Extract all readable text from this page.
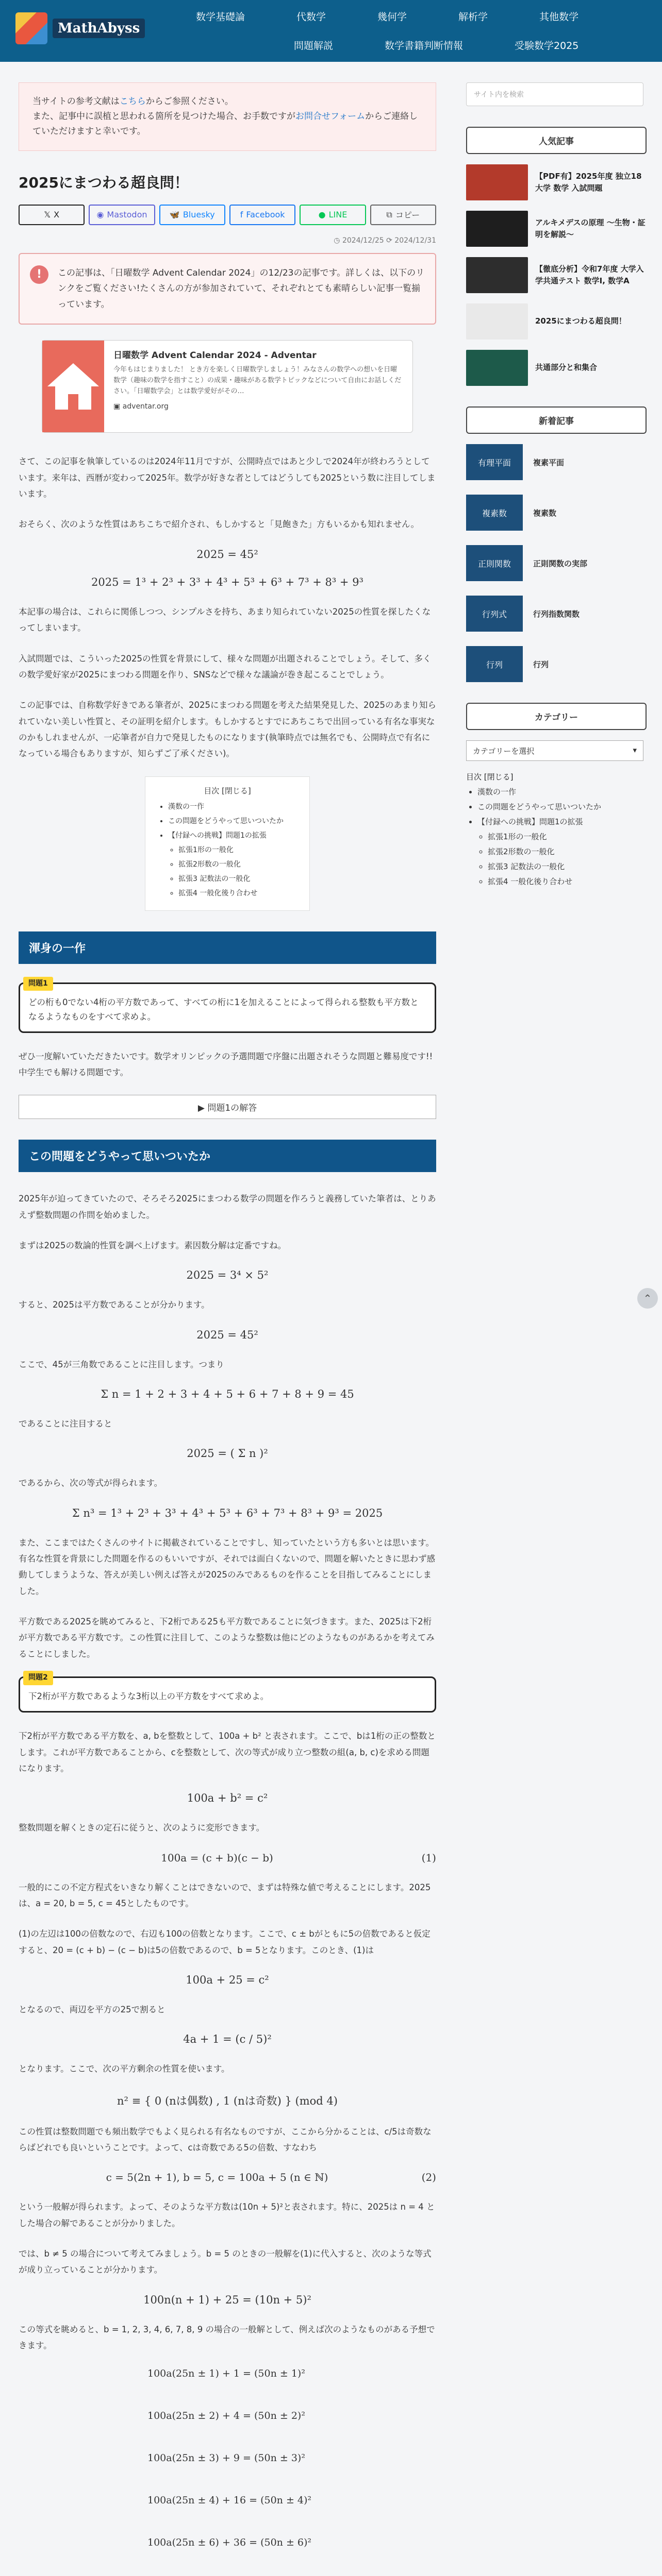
MathAbyss
数学基礎論	代数学	幾何学	解析学	其他数学
問題解説	数学書籍判断情報	受験数学2025
当サイトの参考文献はこちらからご参照ください。
また、記事中に誤植と思われる箇所を見つけた場合、お手数ですがお問合せフォームからご連絡していただけますと幸いです。
2025にまつわる超良問！
𝕏 X	◉ Mastodon	🦋 Bluesky	f Facebook	● LINE	⧉ コピー
◷ 2024/12/25 ⟳ 2024/12/31
!	この記事は、「日曜数学 Advent Calendar 2024」の12/23の記事です。詳しくは、以下のリンクをご覧ください!たくさんの方が参加されていて、それぞれとても素晴らしい記事一覧揃っています。

日曜数学 Advent Calendar 2024 - Adventar
今年もはじまりました！ とき方を楽しく日曜数学しましょう！みなさんの数学への想いを日曜数学（趣味の数学を指すこと）の成果・趣味がある数学トピックなどについて自由にお話しください。「日曜数学会」とは数学愛好がその…
▣ adventar.org

さて、この記事を執筆しているのは2024年11月ですが、公開時点ではあと少しで2024年が終わろうとしています。来年は、西暦が変わって2025年。数学が好きな者としてはどうしても2025という数に注目してしまいます。

おそらく、次のような性質はあちこちで紹介され、もしかすると「見飽きた」方もいるかも知れません。

2025 = 45²
2025 = 1³ + 2³ + 3³ + 4³ + 5³ + 6³ + 7³ + 8³ + 9³

本記事の場合は、これらに関係しつつ、シンプルさを持ち、あまり知られていない2025の性質を探したくなってしまいます。

入試問題では、こういった2025の性質を背景にして、様々な問題が出題されることでしょう。そして、多くの数学愛好家が2025にまつわる問題を作り、SNSなどで様々な議論が巻き起こることでしょう。

この記事では、自称数学好きである筆者が、2025にまつわる問題を考えた結果発見した、2025のあまり知られていない美しい性質と、その証明を紹介します。もしかするとすでにあちこちで出回っている有名な事実なのかもしれませんが、一応筆者が自力で発見したものになります(執筆時点では無名でも、公開時点で有名になっている場合もありますが、知らずご了承ください)。

目次 [閉じる]
• 漢数の一作
• この問題をどうやって思いついたか
• 【付録への挑戦】問題1の拡張
◦ 拡張1形の一般化
◦ 拡張2形数の一般化
◦ 拡張3 記数法の一般化
◦ 拡張4 一般化後り合わせ
渾身の一作
問題1
どの桁も0でない4桁の平方数であって、すべての桁に1を加えることによって得られる整数も平方数となるようなものをすべて求めよ。

ぜひ一度解いていただきたいです。数学オリンピックの予選問題で序盤に出題されそうな問題と難易度です!!中学生でも解ける問題です。

▶ 問題1の解答
この問題をどうやって思いついたか

2025年が迫ってきていたので、そろそろ2025にまつわる数学の問題を作ろうと義務していた筆者は、とりあえず整数問題の作問を始めました。

まずは2025の数論的性質を調べ上げます。素因数分解は定番ですね。

2025 = 3⁴ × 5²

すると、2025は平方数であることが分かります。

2025 = 45²

ここで、45が三角数であることに注目します。つまり

Σ n = 1 + 2 + 3 + 4 + 5 + 6 + 7 + 8 + 9 = 45

であることに注目すると

2025 = ( Σ n )²

であるから、次の等式が得られます。

Σ n³ = 1³ + 2³ + 3³ + 4³ + 5³ + 6³ + 7³ + 8³ + 9³ = 2025

また、ここまではたくさんのサイトに掲載されていることですし、知っていたという方も多いとは思います。有名な性質を背景にした問題を作るのもいいですが、それでは面白くないので、問題を解いたときに思わず感動してしまうような、答えが美しい例えば答えが2025のみであるものを作ることを目指してみることにしました。

平方数である2025を眺めてみると、下2桁である25も平方数であることに気づきます。また、2025は下2桁が平方数である平方数です。この性質に注目して、このような整数は他にどのようなものがあるかを考えてみることにしました。

問題2
下2桁が平方数であるような3桁以上の平方数をすべて求めよ。

下2桁が平方数である平方数を、a, bを整数として、100a + b² と表されます。ここで、bは1桁の正の整数とします。これが平方数であることから、cを整数として、次の等式が成り立つ整数の組(a, b, c)を求める問題になります。

100a + b² = c²

整数問題を解くときの定石に従うと、次のように変形できます。

100a = (c + b)(c − b)	(1)

一般的にこの不定方程式をいきなり解くことはできないので、まずは特殊な値で考えることにします。2025は、a = 20, b = 5, c = 45としたものです。

(1)の左辺は100の倍数なので、右辺も100の倍数となります。ここで、c ± bがともに5の倍数であると仮定すると、20 = (c + b) − (c − b)は5の倍数であるので、b = 5となります。このとき、(1)は

100a + 25 = c²

となるので、両辺を平方の25で割ると

4a + 1 = (c / 5)²

となります。ここで、次の平方剰余の性質を使います。

n² ≡ { 0 (nは偶数) , 1 (nは奇数) } (mod 4)

この性質は整数問題でも頻出数学でもよく見られる有名なものですが、ここから分かることは、c/5は奇数ならばどれでも良いということです。よって、cは奇数である5の倍数、すなわち

c = 5(2n + 1), b = 5, c = 100a + 5 (n ∈ ℕ)	(2)

という一般解が得られます。よって、そのような平方数は(10n + 5)²と表されます。特に、2025は n = 4 とした場合の解であることが分かりました。

では、b ≠ 5 の場合について考えてみましょう。b = 5 のときの一般解を(1)に代入すると、次のような等式が成り立っていることが分かります。

100n(n + 1) + 25 = (10n + 5)²

この等式を眺めると、b = 1, 2, 3, 4, 6, 7, 8, 9 の場合の一般解として、例えば次のようなものがある予想できます。

100a(25n ± 1) + 1 = (50n ± 1)²
100a(25n ± 2) + 4 = (50n ± 2)²
100a(25n ± 3) + 9 = (50n ± 3)²
100a(25n ± 4) + 16 = (50n ± 4)²
100a(25n ± 6) + 36 = (50n ± 6)²

サイト内を検索
人気記事
【PDF有】2025年度 独立18大学 数学 入試問題
アルキメデスの原理 〜生物・証明を解説〜
【徹底分析】令和7年度 大学入学共通テスト 数学I, 数学A
2025にまつわる超良問！
共通部分と和集合
新着記事
有理平面	複素平面
複素数	複素数
正則関数	正則関数の実部
行列式	行列指数関数
行列	行列
カテゴリー
カテゴリーを選択	▾
目次 [閉じる]
• 漢数の一作
• この問題をどうやって思いついたか
• 【付録への挑戦】問題1の拡張
◦ 拡張1形の一般化
◦ 拡張2形数の一般化
◦ 拡張3 記数法の一般化
◦ 拡張4 一般化後り合わせ
⌃
